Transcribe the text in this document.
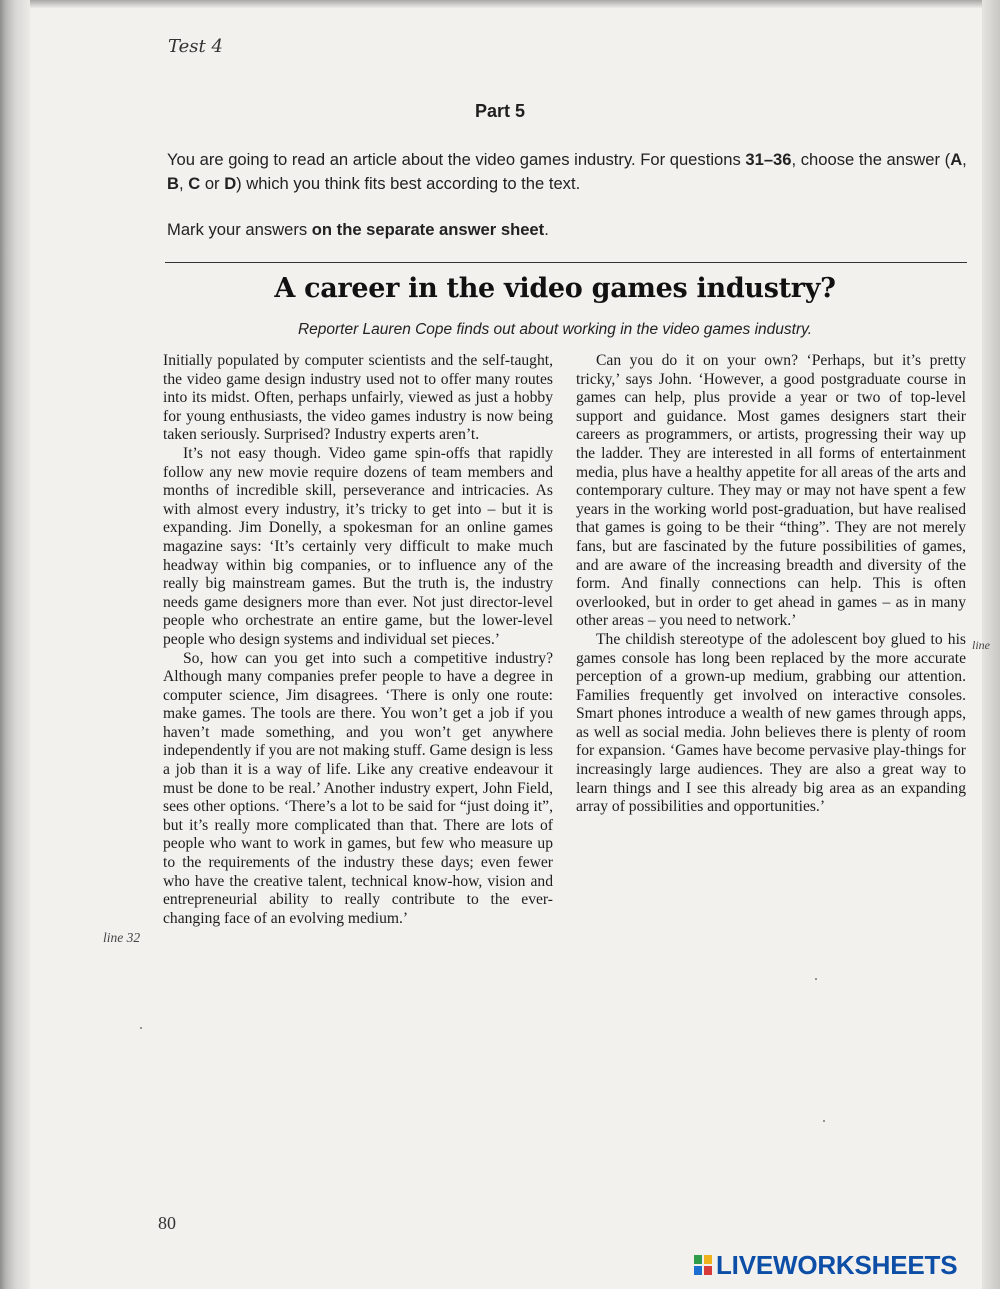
Test 4
Part 5

You are going to read an article about the video games industry. For questions 31–36, choose the answer (A, B, C or D) which you think fits best according to the text.

Mark your answers on the separate answer sheet.
A career in the video games industry?
Reporter Lauren Cope finds out about working in the video games industry.

Initially populated by computer scientists and the self-taught, the video game design industry used not to offer many routes into its midst. Often, perhaps unfairly, viewed as just a hobby for young enthusiasts, the video games industry is now being taken seriously. Surprised? Industry experts aren’t.

It’s not easy though. Video game spin-offs that rapidly follow any new movie require dozens of team members and months of incredible skill, perseverance and intricacies. As with almost every industry, it’s tricky to get into – but it is expanding. Jim Donelly, a spokesman for an online games magazine says: ‘It’s certainly very difficult to make much headway within big companies, or to influence any of the really big mainstream games. But the truth is, the industry needs game designers more than ever. Not just director-level people who orchestrate an entire game, but the lower-level people who design systems and individual set pieces.’

So, how can you get into such a competitive industry? Although many companies prefer people to have a degree in computer science, Jim disagrees. ‘There is only one route: make games. The tools are there. You won’t get a job if you haven’t made something, and you won’t get anywhere independently if you are not making stuff. Game design is less a job than it is a way of life. Like any creative endeavour it must be done to be real.’ Another industry expert, John Field, sees other options. ‘There’s a lot to be said for “just doing it”, but it’s really more complicated than that. There are lots of people who want to work in games, but few who measure up to the requirements of the industry these days; even fewer who have the creative talent, technical know-how, vision and entrepreneurial ability to really contribute to the ever-changing face of an evolving medium.’

Can you do it on your own? ‘Perhaps, but it’s pretty tricky,’ says John. ‘However, a good postgraduate course in games can help, plus provide a year or two of top-level support and guidance. Most games designers start their careers as programmers, or artists, progressing their way up the ladder. They are interested in all forms of entertainment media, plus have a healthy appetite for all areas of the arts and contemporary culture. They may or may not have spent a few years in the working world post-graduation, but have realised that games is going to be their “thing”. They are not merely fans, but are fascinated by the future possibilities of games, and are aware of the increasing breadth and diversity of the form. And finally connections can help. This is often overlooked, but in order to get ahead in games – as in many other areas – you need to network.’

The childish stereotype of the adolescent boy glued to his games console has long been replaced by the more accurate perception of a grown-up medium, grabbing our attention. Families frequently get involved on interactive consoles. Smart phones introduce a wealth of new games through apps, as well as social media. John believes there is plenty of room for expansion. ‘Games have become pervasive play-things for increasingly large audiences. They are also a great way to learn things and I see this already big area as an expanding array of possibilities and opportunities.’

line 32
line
80
LIVEWORKSHEETS
